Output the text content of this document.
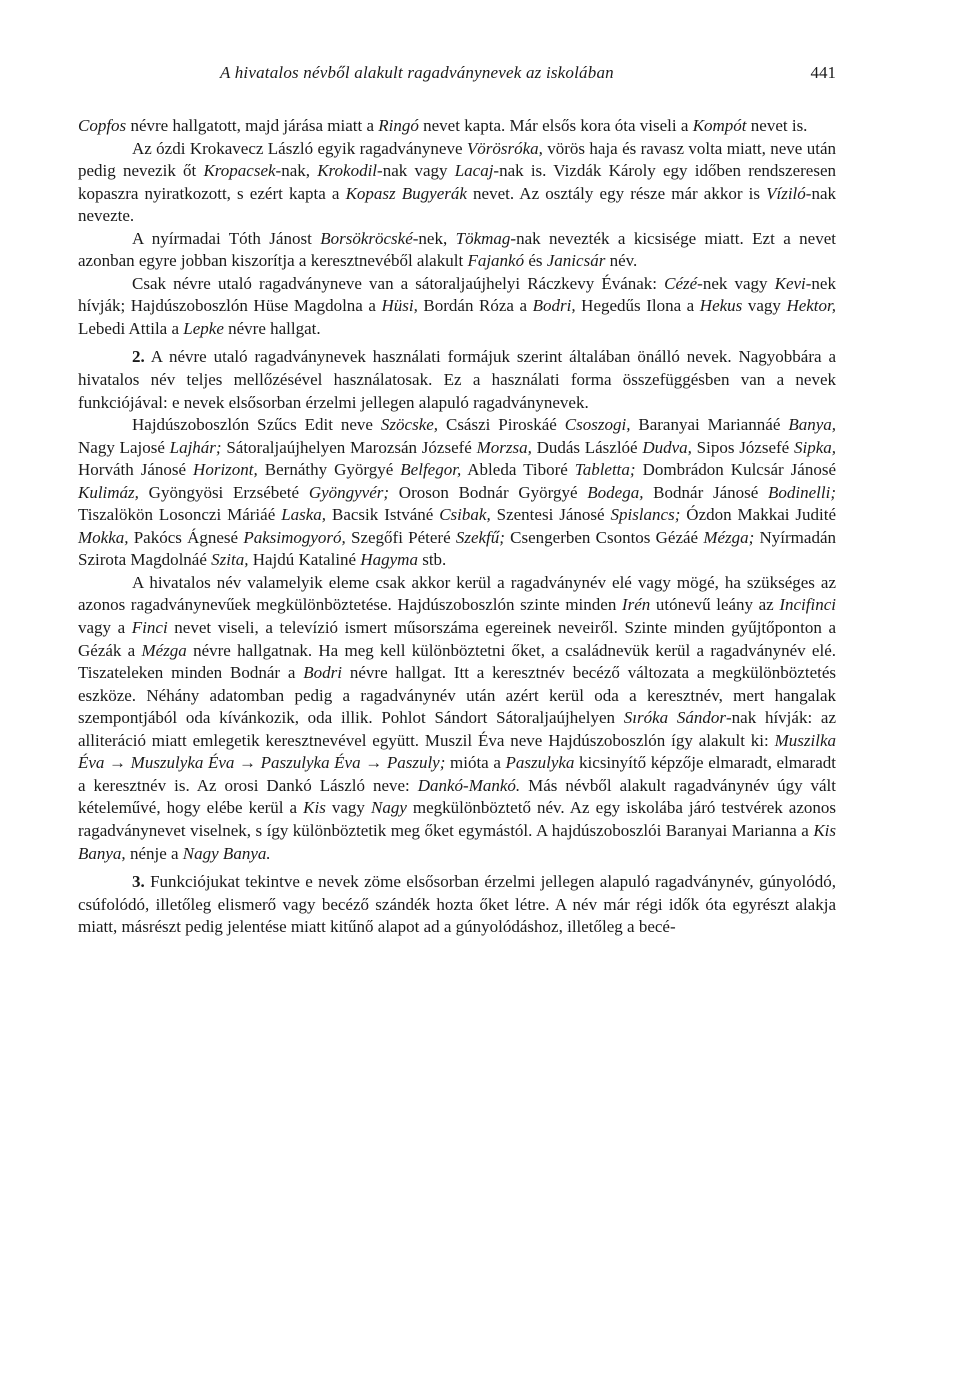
A hivatalos névből alakult ragadványnevek az iskolában	441

Copfos névre hallgatott, majd járása miatt a Ringó nevet kapta. Már elsős kora óta viseli a Kompót nevet is.

Az ózdi Krokavecz László egyik ragadványneve Vörösróka, vörös haja és ravasz volta miatt, neve után pedig nevezik őt Kropacsek-nak, Krokodil-nak vagy Lacaj-nak is. Vizdák Károly egy időben rendszeresen kopaszra nyiratkozott, s ezért kapta a Kopasz Bugyerák nevet. Az osztály egy része már akkor is Víziló-nak nevezte.

A nyírmadai Tóth Jánost Borsökröcské-nek, Tökmag-nak nevezték a kicsisége miatt. Ezt a nevet azonban egyre jobban kiszorítja a keresztnevéből alakult Fajankó és Janicsár név.

Csak névre utaló ragadványneve van a sátoraljaújhelyi Ráczkevy Évának: Cézé-nek vagy Kevi-nek hívják; Hajdúszoboszlón Hüse Magdolna a Hüsi, Bordán Róza a Bodri, Hegedűs Ilona a Hekus vagy Hektor, Lebedi Attila a Lepke névre hallgat.

2. A névre utaló ragadványnevek használati formájuk szerint általában önálló nevek. Nagyobbára a hivatalos név teljes mellőzésével használatosak. Ez a használati forma összefüggésben van a nevek funkciójával: e nevek elsősorban érzelmi jellegen alapuló ragadványnevek.

Hajdúszoboszlón Szűcs Edit neve Szöcske, Császi Piroskáé Csoszogi, Baranyai Mariannáé Banya, Nagy Lajosé Lajhár; Sátoraljaújhelyen Marozsán Józsefé Morzsa, Dudás Lászlóé Dudva, Sipos Józsefé Sipka, Horváth Jánosé Horizont, Bernáthy Györgyé Belfegor, Ableda Tiboré Tabletta; Dombrádon Kulcsár Jánosé Kulimáz, Gyöngyösi Erzsébeté Gyöngyvér; Oroson Bodnár Györgyé Bodega, Bodnár Jánosé Bodinelli; Tiszalökön Losonczi Máriáé Laska, Bacsik Istváné Csibak, Szentesi Jánosé Spislancs; Ózdon Makkai Judité Mokka, Pakócs Ágnesé Paksimogyoró, Szegőfi Péteré Szekfű; Csengerben Csontos Gézáé Mézga; Nyírmadán Szirota Magdolnáé Szita, Hajdú Kataliné Hagyma stb.

A hivatalos név valamelyik eleme csak akkor kerül a ragadványnév elé vagy mögé, ha szükséges az azonos ragadványnevűek megkülönböztetése. Hajdúszoboszlón szinte minden Irén utónevű leány az Incifinci vagy a Finci nevet viseli, a televízió ismert műsorszáma egereinek neveiről. Szinte minden gyűjtőponton a Gézák a Mézga névre hallgatnak. Ha meg kell különböztetni őket, a családnevük kerül a ragadványnév elé. Tiszateleken minden Bodnár a Bodri névre hallgat. Itt a keresztnév becéző változata a megkülönböztetés eszköze. Néhány adatomban pedig a ragadványnév után azért kerül oda a keresztnév, mert hangalak szempontjából oda kívánkozik, oda illik. Pohlot Sándort Sátoraljaújhelyen Sıróka Sándor-nak hívják: az alliteráció miatt emlegetik keresztnevével együtt. Muszil Éva neve Hajdúszoboszlón így alakult ki: Muszilka Éva → Muszulyka Éva → Paszulyka Éva → Paszuly; mióta a Paszulyka kicsinyítő képzője elmaradt, elmaradt a keresztnév is. Az orosi Dankó László neve: Dankó-Mankó. Más névből alakult ragadványnév úgy vált kételeművé, hogy elébe kerül a Kis vagy Nagy megkülönböztető név. Az egy iskolába járó testvérek azonos ragadványnevet viselnek, s így különböztetik meg őket egymástól. A hajdúszoboszlói Baranyai Marianna a Kis Banya, nénje a Nagy Banya.

3. Funkciójukat tekintve e nevek zöme elsősorban érzelmi jellegen alapuló ragadványnév, gúnyolódó, csúfolódó, illetőleg elismerő vagy becéző szándék hozta őket létre. A név már régi idők óta egyrészt alakja miatt, másrészt pedig jelentése miatt kitűnő alapot ad a gúnyolódáshoz, illetőleg a becé-
